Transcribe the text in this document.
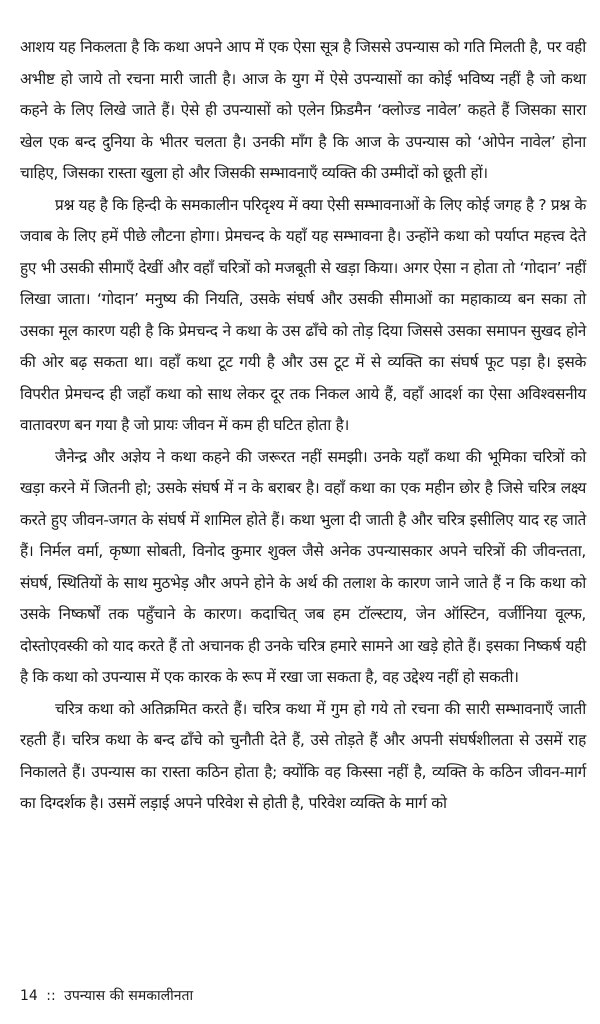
आशय यह निकलता है कि कथा अपने आप में एक ऐसा सूत्र है जिससे उपन्यास को गति मिलती है, पर वही अभीष्ट हो जाये तो रचना मारी जाती है। आज के युग में ऐसे उपन्यासों का कोई भविष्य नहीं है जो कथा कहने के लिए लिखे जाते हैं। ऐसे ही उपन्यासों को एलेन फ्रिडमैन ‘क्लोज्ड नावेल’ कहते हैं जिसका सारा खेल एक बन्द दुनिया के भीतर चलता है। उनकी माँग है कि आज के उपन्यास को ‘ओपेन नावेल’ होना चाहिए, जिसका रास्ता खुला हो और जिसकी सम्भावनाएँ व्यक्ति की उम्मीदों को छूती हों।

प्रश्न यह है कि हिन्दी के समकालीन परिदृश्य में क्या ऐसी सम्भावनाओं के लिए कोई जगह है ? प्रश्न के जवाब के लिए हमें पीछे लौटना होगा। प्रेमचन्द के यहाँ यह सम्भावना है। उन्होंने कथा को पर्याप्त महत्त्व देते हुए भी उसकी सीमाएँ देखीं और वहाँ चरित्रों को मजबूती से खड़ा किया। अगर ऐसा न होता तो ‘गोदान’ नहीं लिखा जाता। ‘गोदान’ मनुष्य की नियति, उसके संघर्ष और उसकी सीमाओं का महाकाव्य बन सका तो उसका मूल कारण यही है कि प्रेमचन्द ने कथा के उस ढाँचे को तोड़ दिया जिससे उसका समापन सुखद होने की ओर बढ़ सकता था। वहाँ कथा टूट गयी है और उस टूट में से व्यक्ति का संघर्ष फूट पड़ा है। इसके विपरीत प्रेमचन्द ही जहाँ कथा को साथ लेकर दूर तक निकल आये हैं, वहाँ आदर्श का ऐसा अविश्वसनीय वातावरण बन गया है जो प्रायः जीवन में कम ही घटित होता है।

जैनेन्द्र और अज्ञेय ने कथा कहने की जरूरत नहीं समझी। उनके यहाँ कथा की भूमिका चरित्रों को खड़ा करने में जितनी हो; उसके संघर्ष में न के बराबर है। वहाँ कथा का एक महीन छोर है जिसे चरित्र लक्ष्य करते हुए जीवन-जगत के संघर्ष में शामिल होते हैं। कथा भुला दी जाती है और चरित्र इसीलिए याद रह जाते हैं। निर्मल वर्मा, कृष्णा सोबती, विनोद कुमार शुक्ल जैसे अनेक उपन्यासकार अपने चरित्रों की जीवन्तता, संघर्ष, स्थितियों के साथ मुठभेड़ और अपने होने के अर्थ की तलाश के कारण जाने जाते हैं न कि कथा को उसके निष्कर्षों तक पहुँचाने के कारण। कदाचित् जब हम टॉल्स्टाय, जेन ऑस्टिन, वर्जीनिया वूल्फ, दोस्तोएवस्की को याद करते हैं तो अचानक ही उनके चरित्र हमारे सामने आ खड़े होते हैं। इसका निष्कर्ष यही है कि कथा को उपन्यास में एक कारक के रूप में रखा जा सकता है, वह उद्देश्य नहीं हो सकती।

चरित्र कथा को अतिक्रमित करते हैं। चरित्र कथा में गुम हो गये तो रचना की सारी सम्भावनाएँ जाती रहती हैं। चरित्र कथा के बन्द ढाँचे को चुनौती देते हैं, उसे तोड़ते हैं और अपनी संघर्षशीलता से उसमें राह निकालते हैं। उपन्यास का रास्ता कठिन होता है; क्योंकि वह किस्सा नहीं है, व्यक्ति के कठिन जीवन-मार्ग का दिग्दर्शक है। उसमें लड़ाई अपने परिवेश से होती है, परिवेश व्यक्ति के मार्ग को

14 :: उपन्यास की समकालीनता
